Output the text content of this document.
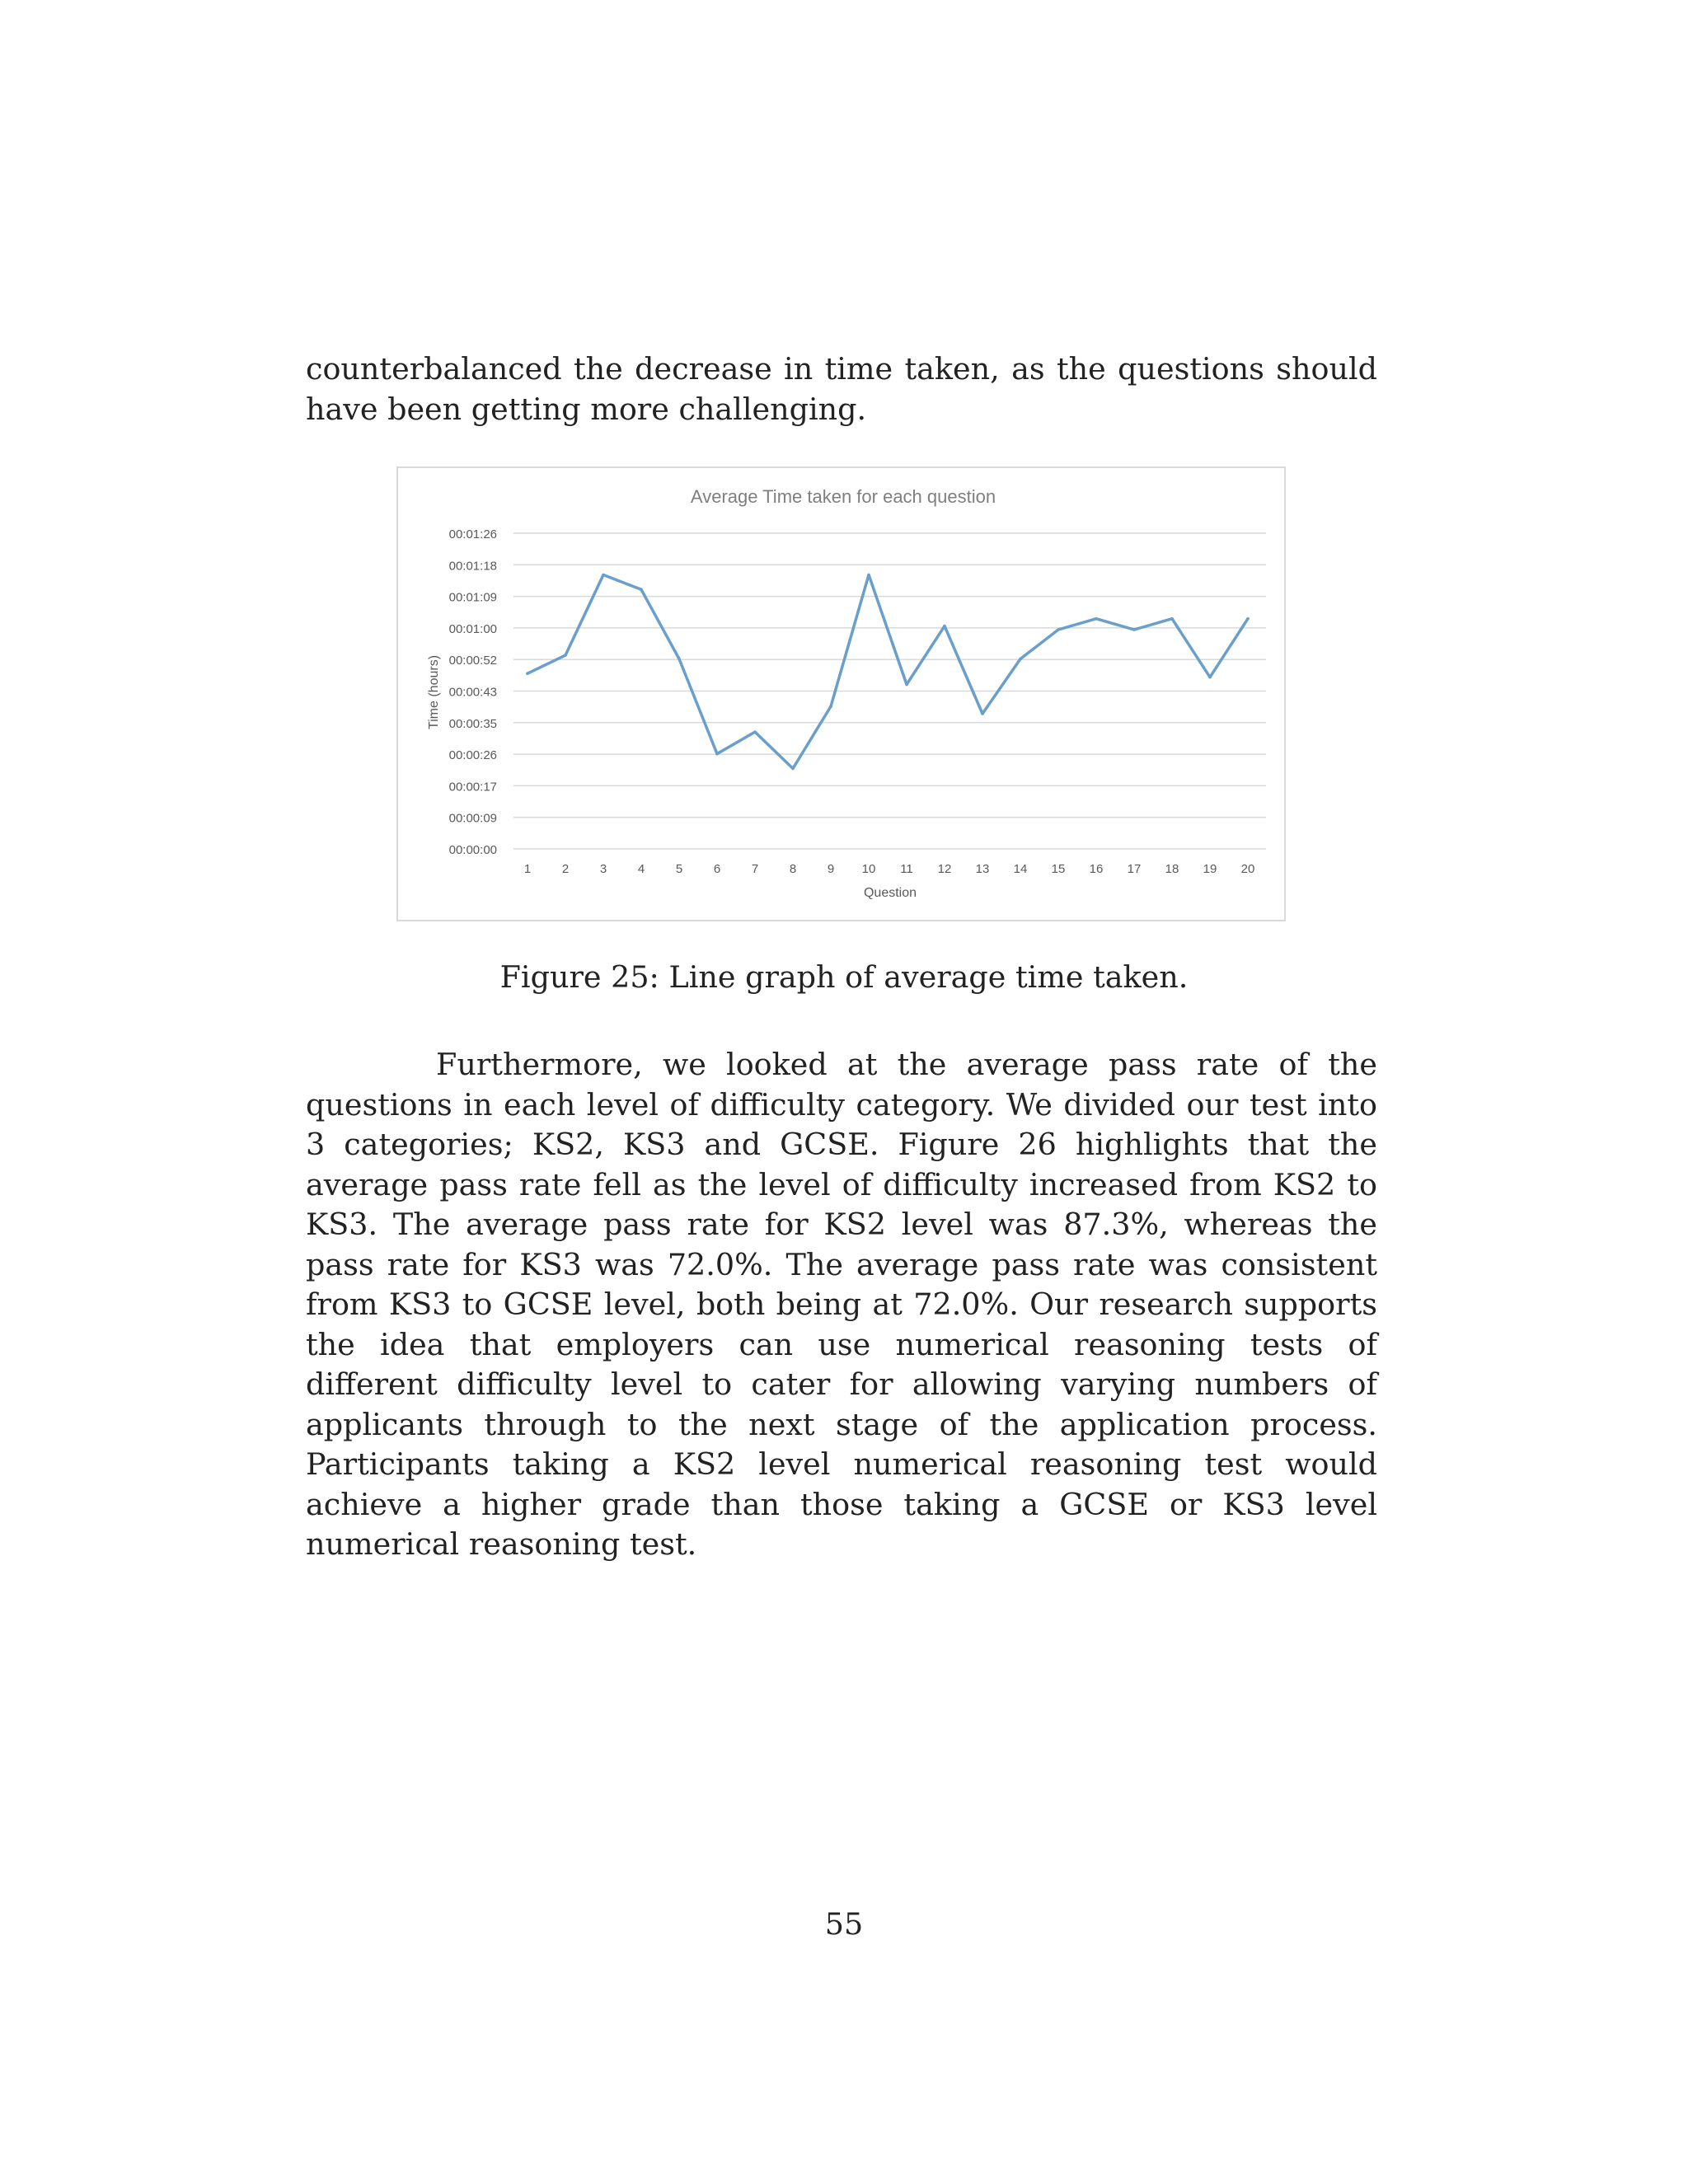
counterbalanced the decrease in time taken, as the questions should have been getting more challenging.

Average Time taken for each question
00:00:00
00:00:09
00:00:17
00:00:26
00:00:35
00:00:43
00:00:52
00:01:00
00:01:09
00:01:18
00:01:26
1	2	3	4	5	6	7	8	9 10 11 12 13 14 15 16 17 18 19 20
Question
Time (hours)
Figure 25: Line graph of average time taken.

Furthermore, we looked at the average pass rate of the questions in each level of difficulty category. We divided our test into 3 categories; KS2, KS3 and GCSE. Figure 26 highlights that the average pass rate fell as the level of difficulty increased from KS2 to KS3. The average pass rate for KS2 level was 87.3%, whereas the pass rate for KS3 was 72.0%. The average pass rate was consistent from KS3 to GCSE level, both being at 72.0%. Our research supports the idea that employers can use numerical reasoning tests of different difficulty level to cater for allowing varying numbers of applicants through to the next stage of the application process. Participants taking a KS2 level numerical reasoning test would achieve a higher grade than those taking a GCSE or KS3 level numerical reasoning test.

55
